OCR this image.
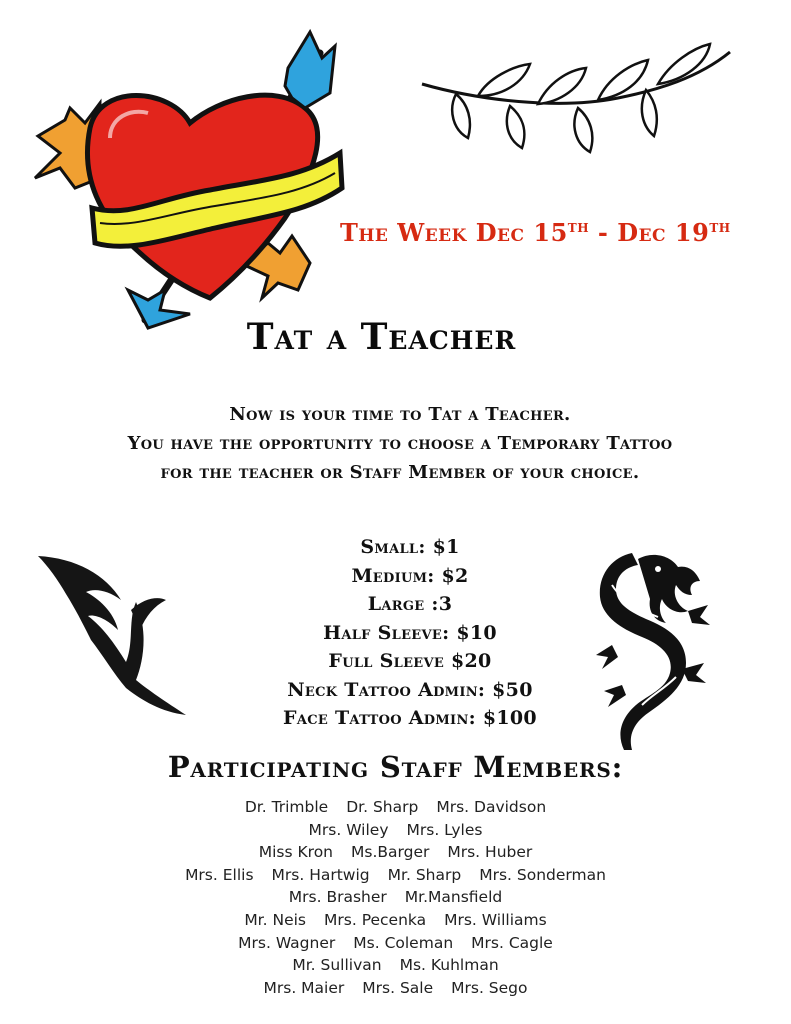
The Week Dec 15TH - Dec 19TH
Tat a Teacher
Now is your time to Tat a Teacher.
You have the opportunity to choose a Temporary Tattoo
for the teacher or Staff Member of your choice.
Small: $1
Medium: $2
Large :3
Half Sleeve: $10
Full Sleeve $20
Neck Tattoo Admin: $50
Face Tattoo Admin: $100
Participating Staff Members:
Dr. Trimble Dr. Sharp Mrs. Davidson
Mrs. Wiley Mrs. Lyles
Miss Kron Ms.Barger Mrs. Huber
Mrs. Ellis Mrs. Hartwig Mr. Sharp Mrs. Sonderman
Mrs. Brasher Mr.Mansfield
Mr. Neis Mrs. Pecenka Mrs. Williams
Mrs. Wagner Ms. Coleman Mrs. Cagle
Mr. Sullivan Ms. Kuhlman
Mrs. Maier Mrs. Sale Mrs. Sego
